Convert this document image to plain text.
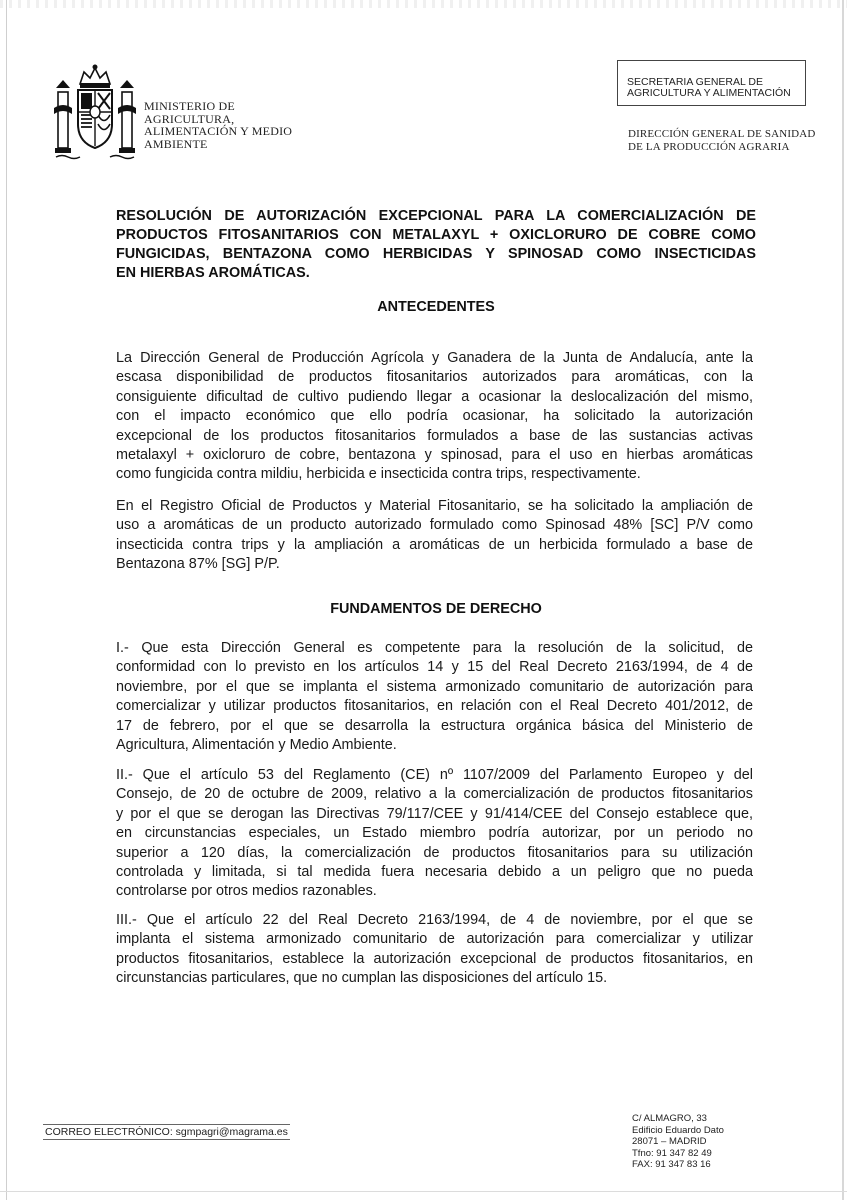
MINISTERIO DE
AGRICULTURA,
ALIMENTACIÓN Y MEDIO
AMBIENTE
SECRETARIA GENERAL DE
AGRICULTURA Y ALIMENTACIÓN
DIRECCIÓN GENERAL DE SANIDAD
DE LA PRODUCCIÓN AGRARIA
RESOLUCIÓN DE AUTORIZACIÓN EXCEPCIONAL PARA LA COMERCIALIZACIÓN DE
PRODUCTOS FITOSANITARIOS CON METALAXYL + OXICLORURO DE COBRE COMO
FUNGICIDAS, BENTAZONA COMO HERBICIDAS Y SPINOSAD COMO INSECTICIDAS
EN HIERBAS AROMÁTICAS.
ANTECEDENTES
La Dirección General de Producción Agrícola y Ganadera de la Junta de Andalucía, ante la
escasa disponibilidad de productos fitosanitarios autorizados para aromáticas, con la
consiguiente dificultad de cultivo pudiendo llegar a ocasionar la deslocalización del mismo,
con el impacto económico que ello podría ocasionar, ha solicitado la autorización
excepcional de los productos fitosanitarios formulados a base de las sustancias activas
metalaxyl + oxicloruro de cobre, bentazona y spinosad, para el uso en hierbas aromáticas
como fungicida contra mildiu, herbicida e insecticida contra trips, respectivamente.
En el Registro Oficial de Productos y Material Fitosanitario, se ha solicitado la ampliación de
uso a aromáticas de un producto autorizado formulado como Spinosad 48% [SC] P/V como
insecticida contra trips y la ampliación a aromáticas de un herbicida formulado a base de
Bentazona 87% [SG] P/P.
FUNDAMENTOS DE DERECHO
I.- Que esta Dirección General es competente para la resolución de la solicitud, de
conformidad con lo previsto en los artículos 14 y 15 del Real Decreto 2163/1994, de 4 de
noviembre, por el que se implanta el sistema armonizado comunitario de autorización para
comercializar y utilizar productos fitosanitarios, en relación con el Real Decreto 401/2012, de
17 de febrero, por el que se desarrolla la estructura orgánica básica del Ministerio de
Agricultura, Alimentación y Medio Ambiente.
II.- Que el artículo 53 del Reglamento (CE) nº 1107/2009 del Parlamento Europeo y del
Consejo, de 20 de octubre de 2009, relativo a la comercialización de productos fitosanitarios
y por el que se derogan las Directivas 79/117/CEE y 91/414/CEE del Consejo establece que,
en circunstancias especiales, un Estado miembro podría autorizar, por un periodo no
superior a 120 días, la comercialización de productos fitosanitarios para su utilización
controlada y limitada, si tal medida fuera necesaria debido a un peligro que no pueda
controlarse por otros medios razonables.
III.- Que el artículo 22 del Real Decreto 2163/1994, de 4 de noviembre, por el que se
implanta el sistema armonizado comunitario de autorización para comercializar y utilizar
productos fitosanitarios, establece la autorización excepcional de productos fitosanitarios, en
circunstancias particulares, que no cumplan las disposiciones del artículo 15.
CORREO ELECTRÓNICO: sgmpagri@magrama.es
C/ ALMAGRO, 33
Edificio Eduardo Dato
28071 – MADRID
Tfno: 91 347 82 49
FAX: 91 347 83 16
